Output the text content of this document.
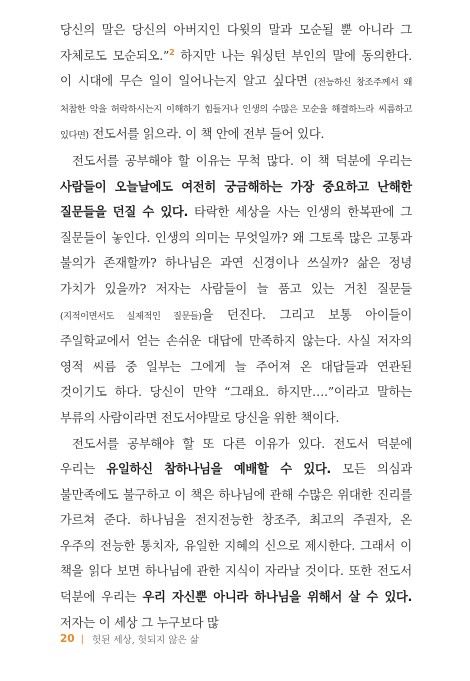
당신의 말은 당신의 아버지인 다윗의 말과 모순될 뿐 아니라 그 자체로도 모순되오.”$^2$ 하지만 나는 워싱턴 부인의 말에 동의한다. 이 시대에 무슨 일이 일어나는지 알고 싶다면 (전능하신 창조주께서 왜 처참한 악을 허락하시는지 이해하기 힘들거나 인생의 수많은 모순을 해결하느라 씨름하고 있다면) 전도서를 읽으라. 이 책 안에 전부 들어 있다.

전도서를 공부해야 할 이유는 무척 많다. 이 책 덕분에 우리는 사람들이 오늘날에도 여전히 궁금해하는 가장 중요하고 난해한 질문들을 던질 수 있다. 타락한 세상을 사는 인생의 한복판에 그 질문들이 놓인다. 인생의 의미는 무엇일까? 왜 그토록 많은 고통과 불의가 존재할까? 하나님은 과연 신경이나 쓰실까? 삶은 정녕 가치가 있을까? 저자는 사람들이 늘 품고 있는 거친 질문들(지적이면서도 실제적인 질문들)을 던진다. 그리고 보통 아이들이 주일학교에서 얻는 손쉬운 대답에 만족하지 않는다. 사실 저자의 영적 씨름 중 일부는 그에게 늘 주어져 온 대답들과 연관된 것이기도 하다. 당신이 만약 “그래요. 하지만….”이라고 말하는 부류의 사람이라면 전도서야말로 당신을 위한 책이다.

전도서를 공부해야 할 또 다른 이유가 있다. 전도서 덕분에 우리는 유일하신 참하나님을 예배할 수 있다. 모든 의심과 불만족에도 불구하고 이 책은 하나님에 관해 수많은 위대한 진리를 가르쳐 준다. 하나님을 전지전능한 창조주, 최고의 주권자, 온 우주의 전능한 통치자, 유일한 지혜의 신으로 제시한다. 그래서 이 책을 읽다 보면 하나님에 관한 지식이 자라날 것이다. 또한 전도서 덕분에 우리는 우리 자신뿐 아니라 하나님을 위해서 살 수 있다. 저자는 이 세상 그 누구보다 많

20 | 헛된 세상, 헛되지 않은 삶
